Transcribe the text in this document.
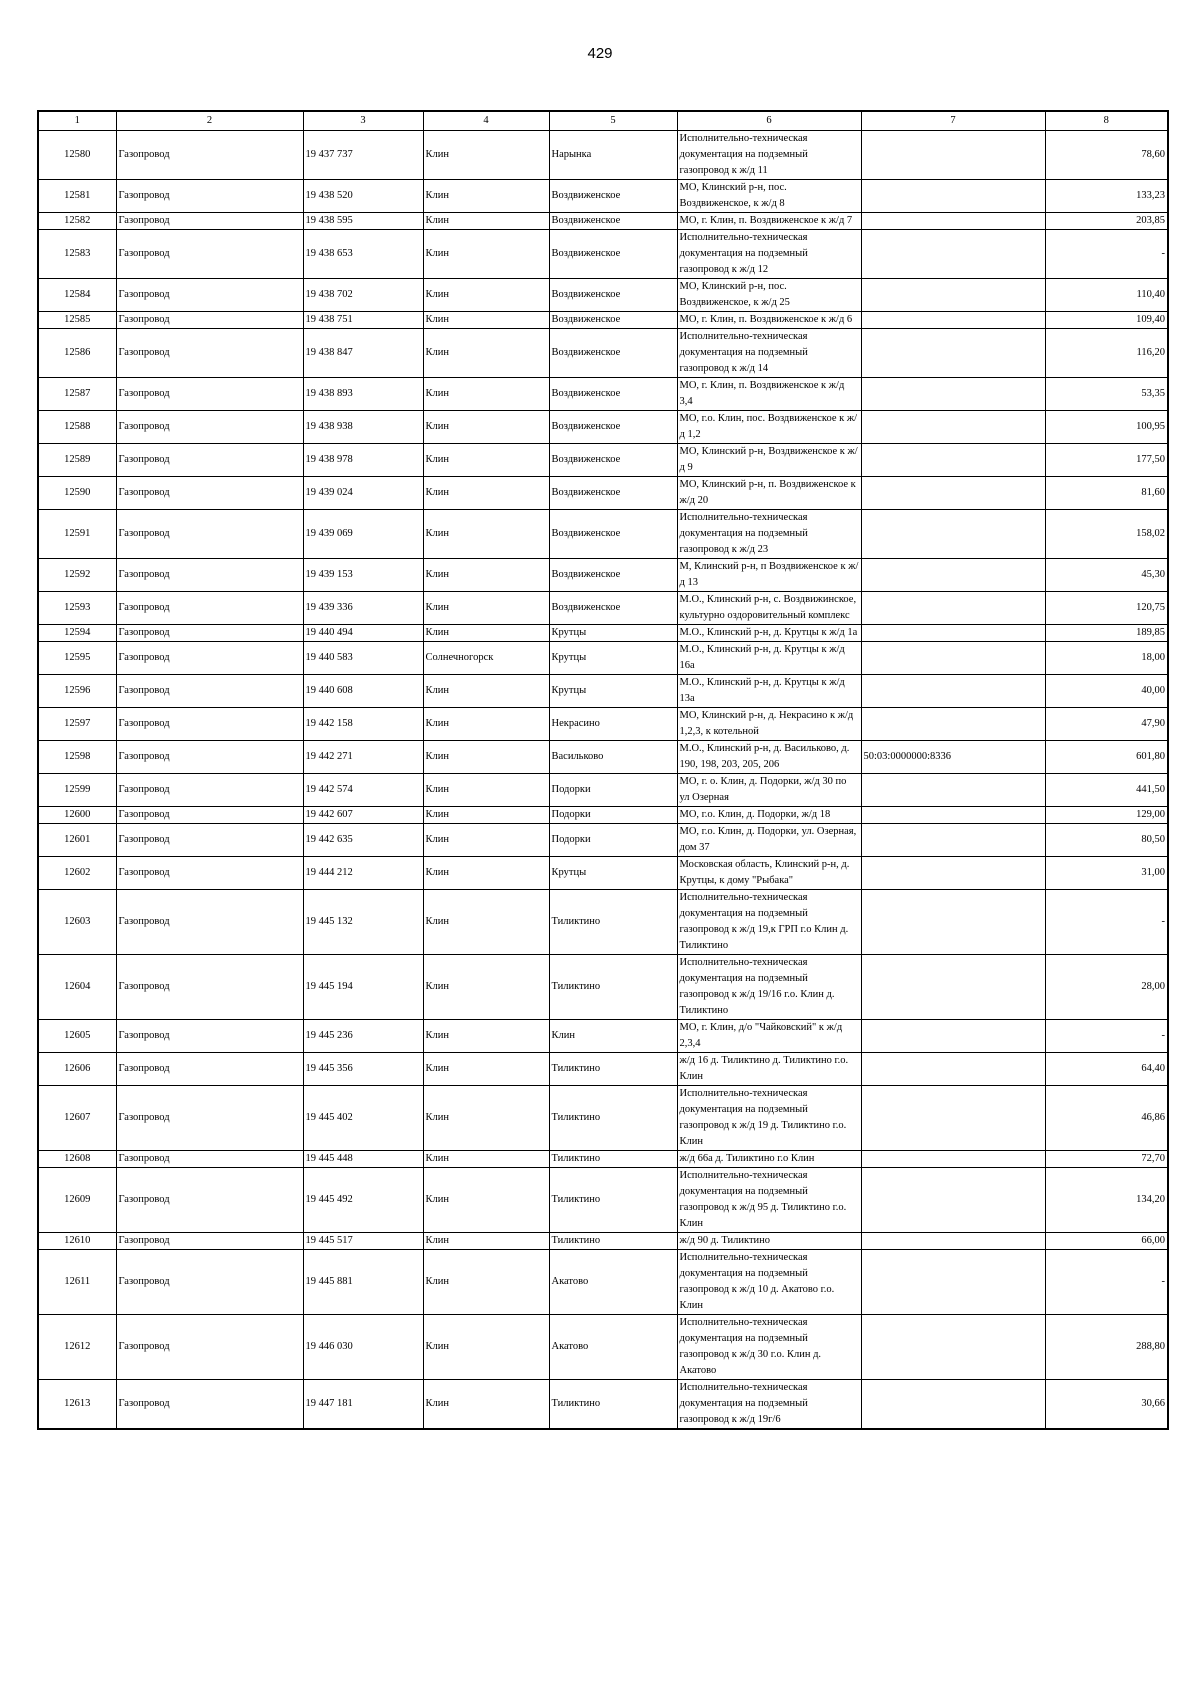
429
1	2	3	4	5	6	7	8
12580	Газопровод	19 437 737	Клин	Нарынка	Исполнительно-техническая документация на подземный газопровод к ж/д 11		78,60
12581	Газопровод	19 438 520	Клин	Воздвиженское	МО, Клинский р-н, пос. Воздвиженское, к ж/д 8		133,23
12582	Газопровод	19 438 595	Клин	Воздвиженское	МО, г. Клин, п. Воздвиженское к ж/д 7		203,85
12583	Газопровод	19 438 653	Клин	Воздвиженское	Исполнительно-техническая документация на подземный газопровод к ж/д 12		-
12584	Газопровод	19 438 702	Клин	Воздвиженское	МО, Клинский р-н, пос. Воздвиженское, к ж/д 25		110,40
12585	Газопровод	19 438 751	Клин	Воздвиженское	МО, г. Клин, п. Воздвиженское к ж/д 6		109,40
12586	Газопровод	19 438 847	Клин	Воздвиженское	Исполнительно-техническая документация на подземный газопровод к ж/д 14		116,20
12587	Газопровод	19 438 893	Клин	Воздвиженское	МО, г. Клин, п. Воздвиженское к ж/д 3,4		53,35
12588	Газопровод	19 438 938	Клин	Воздвиженское	МО, г.о. Клин, пос. Воздвиженское к ж/д 1,2		100,95
12589	Газопровод	19 438 978	Клин	Воздвиженское	МО, Клинский р-н, Воздвиженское к ж/д 9		177,50
12590	Газопровод	19 439 024	Клин	Воздвиженское	МО, Клинский р-н, п. Воздвиженское к ж/д 20		81,60
12591	Газопровод	19 439 069	Клин	Воздвиженское	Исполнительно-техническая документация на подземный газопровод к ж/д 23		158,02
12592	Газопровод	19 439 153	Клин	Воздвиженское	М, Клинский р-н, п Воздвиженское к ж/д 13		45,30
12593	Газопровод	19 439 336	Клин	Воздвиженское	М.О., Клинский р-н, с. Воздвижинское, культурно оздоровительный комплекс		120,75
12594	Газопровод	19 440 494	Клин	Крутцы	М.О., Клинский р-н, д. Крутцы к ж/д 1а		189,85
12595	Газопровод	19 440 583	Солнечногорск	Крутцы	М.О., Клинский р-н, д. Крутцы к ж/д 16а		18,00
12596	Газопровод	19 440 608	Клин	Крутцы	М.О., Клинский р-н, д. Крутцы к ж/д 13а		40,00
12597	Газопровод	19 442 158	Клин	Некрасино	МО, Клинский р-н, д. Некрасино к ж/д 1,2,3, к котельной		47,90
12598	Газопровод	19 442 271	Клин	Васильково	М.О., Клинский р-н, д. Васильково, д. 190, 198, 203, 205, 206	50:03:0000000:8336	601,80
12599	Газопровод	19 442 574	Клин	Подорки	МО, г. о. Клин, д. Подорки, ж/д 30 по ул Озерная		441,50
12600	Газопровод	19 442 607	Клин	Подорки	МО, г.о. Клин, д. Подорки, ж/д 18		129,00
12601	Газопровод	19 442 635	Клин	Подорки	МО, г.о. Клин, д. Подорки, ул. Озерная, дом 37		80,50
12602	Газопровод	19 444 212	Клин	Крутцы	Московская область, Клинский р-н, д. Крутцы, к дому "Рыбака"		31,00
12603	Газопровод	19 445 132	Клин	Тиликтино	Исполнительно-техническая документация на подземный газопровод к ж/д 19,к ГРП г.о Клин д. Тиликтино		-
12604	Газопровод	19 445 194	Клин	Тиликтино	Исполнительно-техническая документация на подземный газопровод к ж/д 19/16 г.о. Клин д. Тиликтино		28,00
12605	Газопровод	19 445 236	Клин	Клин	МО, г. Клин, д/о "Чайковский" к ж/д 2,3,4		-
12606	Газопровод	19 445 356	Клин	Тиликтино	ж/д 16 д. Тиликтино д. Тиликтино г.о. Клин		64,40
12607	Газопровод	19 445 402	Клин	Тиликтино	Исполнительно-техническая документация на подземный газопровод к ж/д 19 д. Тиликтино г.о. Клин		46,86
12608	Газопровод	19 445 448	Клин	Тиликтино	ж/д 66а д. Тиликтино г.о Клин		72,70
12609	Газопровод	19 445 492	Клин	Тиликтино	Исполнительно-техническая документация на подземный газопровод к ж/д 95 д. Тиликтино г.о. Клин		134,20
12610	Газопровод	19 445 517	Клин	Тиликтино	ж/д 90 д. Тиликтино		66,00
12611	Газопровод	19 445 881	Клин	Акатово	Исполнительно-техническая документация на подземный газопровод к ж/д 10 д. Акатово г.о. Клин		-
12612	Газопровод	19 446 030	Клин	Акатово	Исполнительно-техническая документация на подземный газопровод к ж/д 30 г.о. Клин д. Акатово		288,80
12613	Газопровод	19 447 181	Клин	Тиликтино	Исполнительно-техническая документация на подземный газопровод к ж/д 19г/6		30,66
